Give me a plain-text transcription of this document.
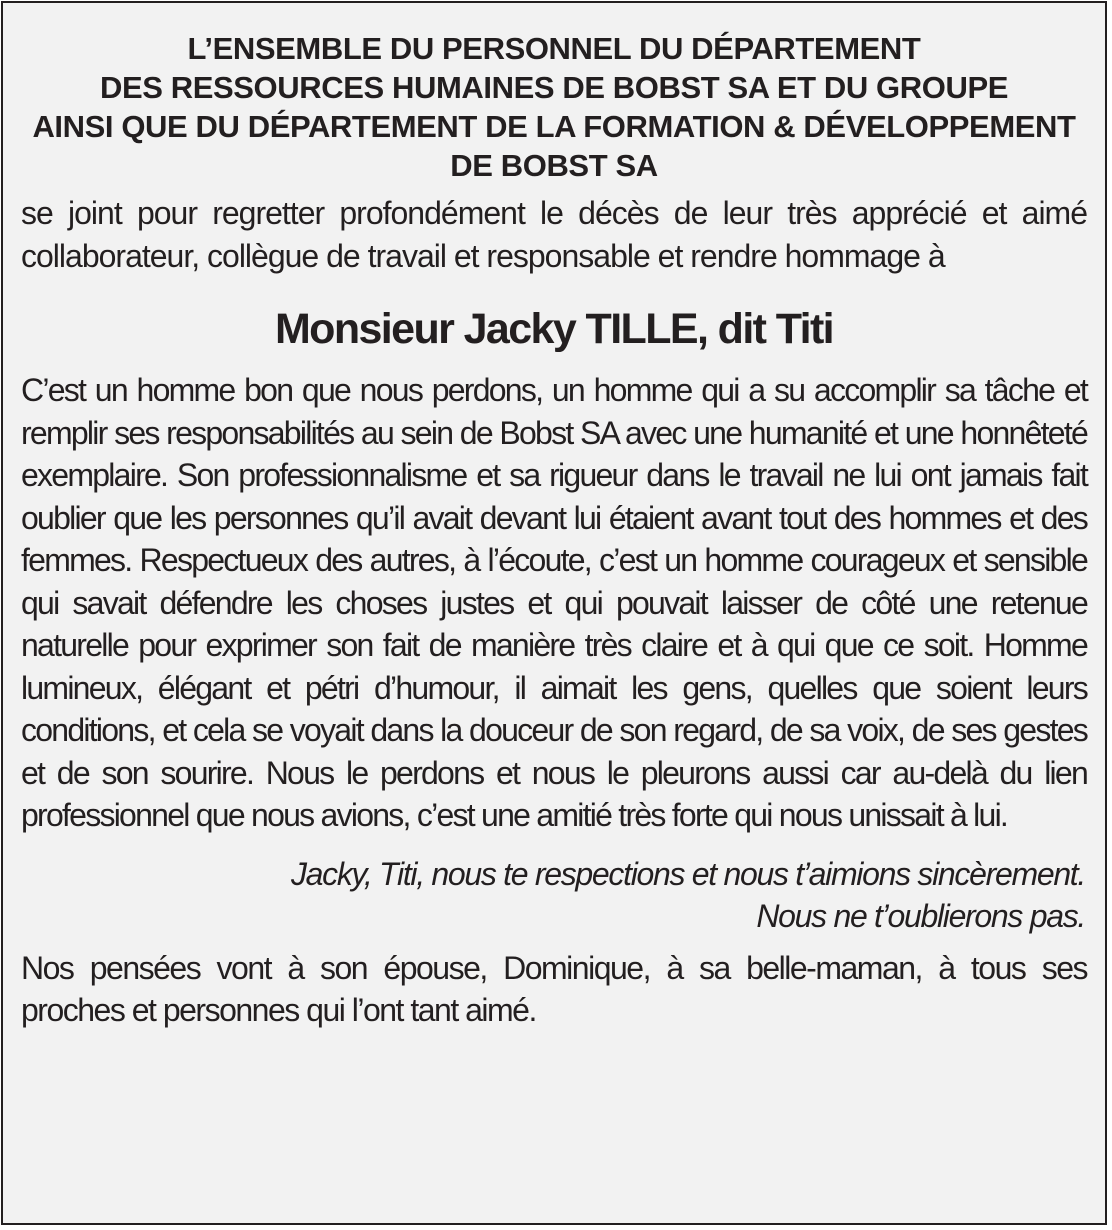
L’ENSEMBLE DU PERSONNEL DU DÉPARTEMENT
DES RESSOURCES HUMAINES DE BOBST SA ET DU GROUPE
AINSI QUE DU DÉPARTEMENT DE LA FORMATION & DÉVELOPPEMENT
DE BOBST SA

se joint pour regretter profondément le décès de leur très apprécié et aimé collaborateur, collègue de travail et responsable et rendre hommage à

Monsieur Jacky TILLE, dit Titi

C’est un homme bon que nous perdons, un homme qui a su accomplir sa tâche et remplir ses responsabilités au sein de Bobst SA avec une humanité et une honnêteté exemplaire. Son professionnalisme et sa rigueur dans le travail ne lui ont jamais fait oublier que les personnes qu’il avait devant lui étaient avant tout des hommes et des femmes. Respectueux des autres, à l’écoute, c’est un homme courageux et sensible qui savait défendre les choses justes et qui pouvait laisser de côté une retenue naturelle pour exprimer son fait de manière très claire et à qui que ce soit. Homme lumineux, élégant et pétri d’humour, il aimait les gens, quelles que soient leurs conditions, et cela se voyait dans la douceur de son regard, de sa voix, de ses gestes et de son sourire. Nous le perdons et nous le pleurons aussi car au-delà du lien professionnel que nous avions, c’est une amitié très forte qui nous unissait à lui.

Jacky, Titi, nous te respections et nous t’aimions sincèrement.
Nous ne t’oublierons pas.

Nos pensées vont à son épouse, Dominique, à sa belle-maman, à tous ses proches et personnes qui l’ont tant aimé.
